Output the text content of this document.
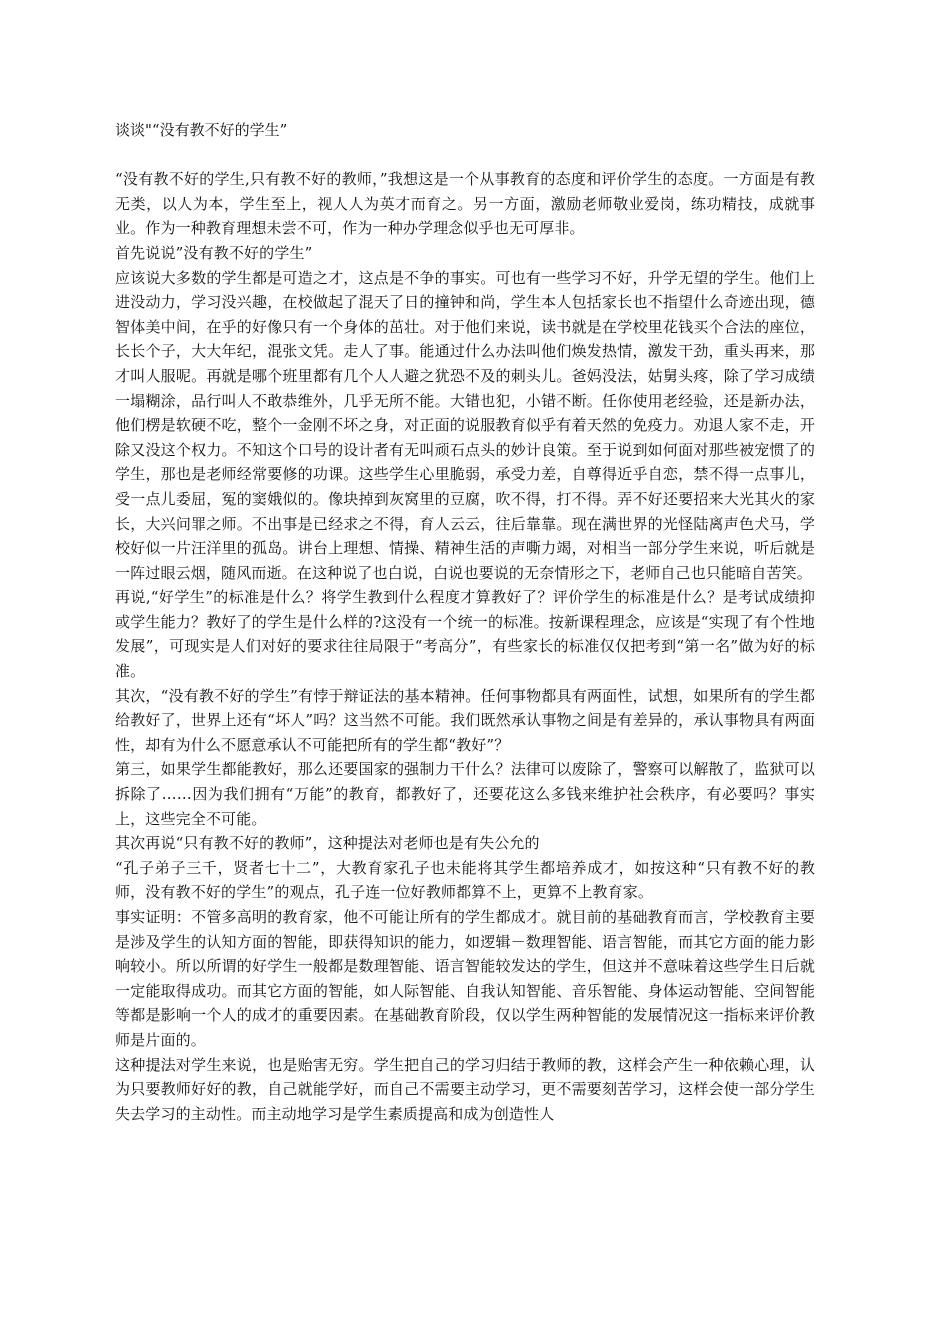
谈谈"“没有教不好的学生”

“没有教不好的学生,只有教不好的教师，”我想这是一个从事教育的态度和评价学生的态度。一方面是有教无类，以人为本，学生至上，视人人为英才而育之。另一方面，激励老师敬业爱岗，练功精技，成就事业。作为一种教育理想未尝不可，作为一种办学理念似乎也无可厚非。

首先说说”没有教不好的学生”

应该说大多数的学生都是可造之才，这点是不争的事实。可也有一些学习不好，升学无望的学生。他们上进没动力，学习没兴趣，在校做起了混天了日的撞钟和尚，学生本人包括家长也不指望什么奇迹出现，德智体美中间，在乎的好像只有一个身体的茁壮。对于他们来说，读书就是在学校里花钱买个合法的座位，长长个子，大大年纪，混张文凭。走人了事。能通过什么办法叫他们焕发热情，激发干劲，重头再来，那才叫人服呢。再就是哪个班里都有几个人人避之犹恐不及的刺头儿。爸妈没法，姑舅头疼，除了学习成绩一塌糊涂，品行叫人不敢恭维外，几乎无所不能。大错也犯，小错不断。任你使用老经验，还是新办法，他们楞是软硬不吃，整个一金刚不坏之身，对正面的说服教育似乎有着天然的免疫力。劝退人家不走，开除又没这个权力。不知这个口号的设计者有无叫顽石点头的妙计良策。至于说到如何面对那些被宠惯了的学生，那也是老师经常要修的功课。这些学生心里脆弱，承受力差，自尊得近乎自恋，禁不得一点事儿，受一点儿委屈，冤的窦娥似的。像块掉到灰窝里的豆腐，吹不得，打不得。弄不好还要招来大光其火的家长，大兴问罪之师。不出事是已经求之不得，育人云云，往后靠靠。现在满世界的光怪陆离声色犬马，学校好似一片汪洋里的孤岛。讲台上理想、情操、精神生活的声嘶力竭，对相当一部分学生来说，听后就是一阵过眼云烟，随风而逝。在这种说了也白说，白说也要说的无奈情形之下，老师自己也只能暗自苦笑。

再说,“好学生”的标准是什么？将学生教到什么程度才算教好了？评价学生的标准是什么？是考试成绩抑或学生能力？教好了的学生是什么样的?这没有一个统一的标准。按新课程理念，应该是“实现了有个性地发展”，可现实是人们对好的要求往往局限于“考高分”，有些家长的标准仅仅把考到“第一名”做为好的标准。

其次，“没有教不好的学生”有悖于辩证法的基本精神。任何事物都具有两面性，试想，如果所有的学生都给教好了，世界上还有“坏人”吗？这当然不可能。我们既然承认事物之间是有差异的，承认事物具有两面性，却有为什么不愿意承认不可能把所有的学生都“教好”？

第三，如果学生都能教好，那么还要国家的强制力干什么？法律可以废除了，警察可以解散了，监狱可以拆除了……因为我们拥有“万能”的教育，都教好了，还要花这么多钱来维护社会秩序，有必要吗？事实上，这些完全不可能。

其次再说“只有教不好的教师”，这种提法对老师也是有失公允的

“孔子弟子三千，贤者七十二”，大教育家孔子也未能将其学生都培养成才，如按这种“只有教不好的教师，没有教不好的学生”的观点，孔子连一位好教师都算不上，更算不上教育家。

事实证明：不管多高明的教育家，他不可能让所有的学生都成才。就目前的基础教育而言，学校教育主要是涉及学生的认知方面的智能，即获得知识的能力，如逻辑－数理智能、语言智能，而其它方面的能力影响较小。所以所谓的好学生一般都是数理智能、语言智能较发达的学生，但这并不意味着这些学生日后就一定能取得成功。而其它方面的智能，如人际智能、自我认知智能、音乐智能、身体运动智能、空间智能等都是影响一个人的成才的重要因素。在基础教育阶段，仅以学生两种智能的发展情况这一指标来评价教师是片面的。

这种提法对学生来说，也是贻害无穷。学生把自己的学习归结于教师的教，这样会产生一种依赖心理，认为只要教师好好的教，自己就能学好，而自己不需要主动学习，更不需要刻苦学习，这样会使一部分学生失去学习的主动性。而主动地学习是学生素质提高和成为创造性人
